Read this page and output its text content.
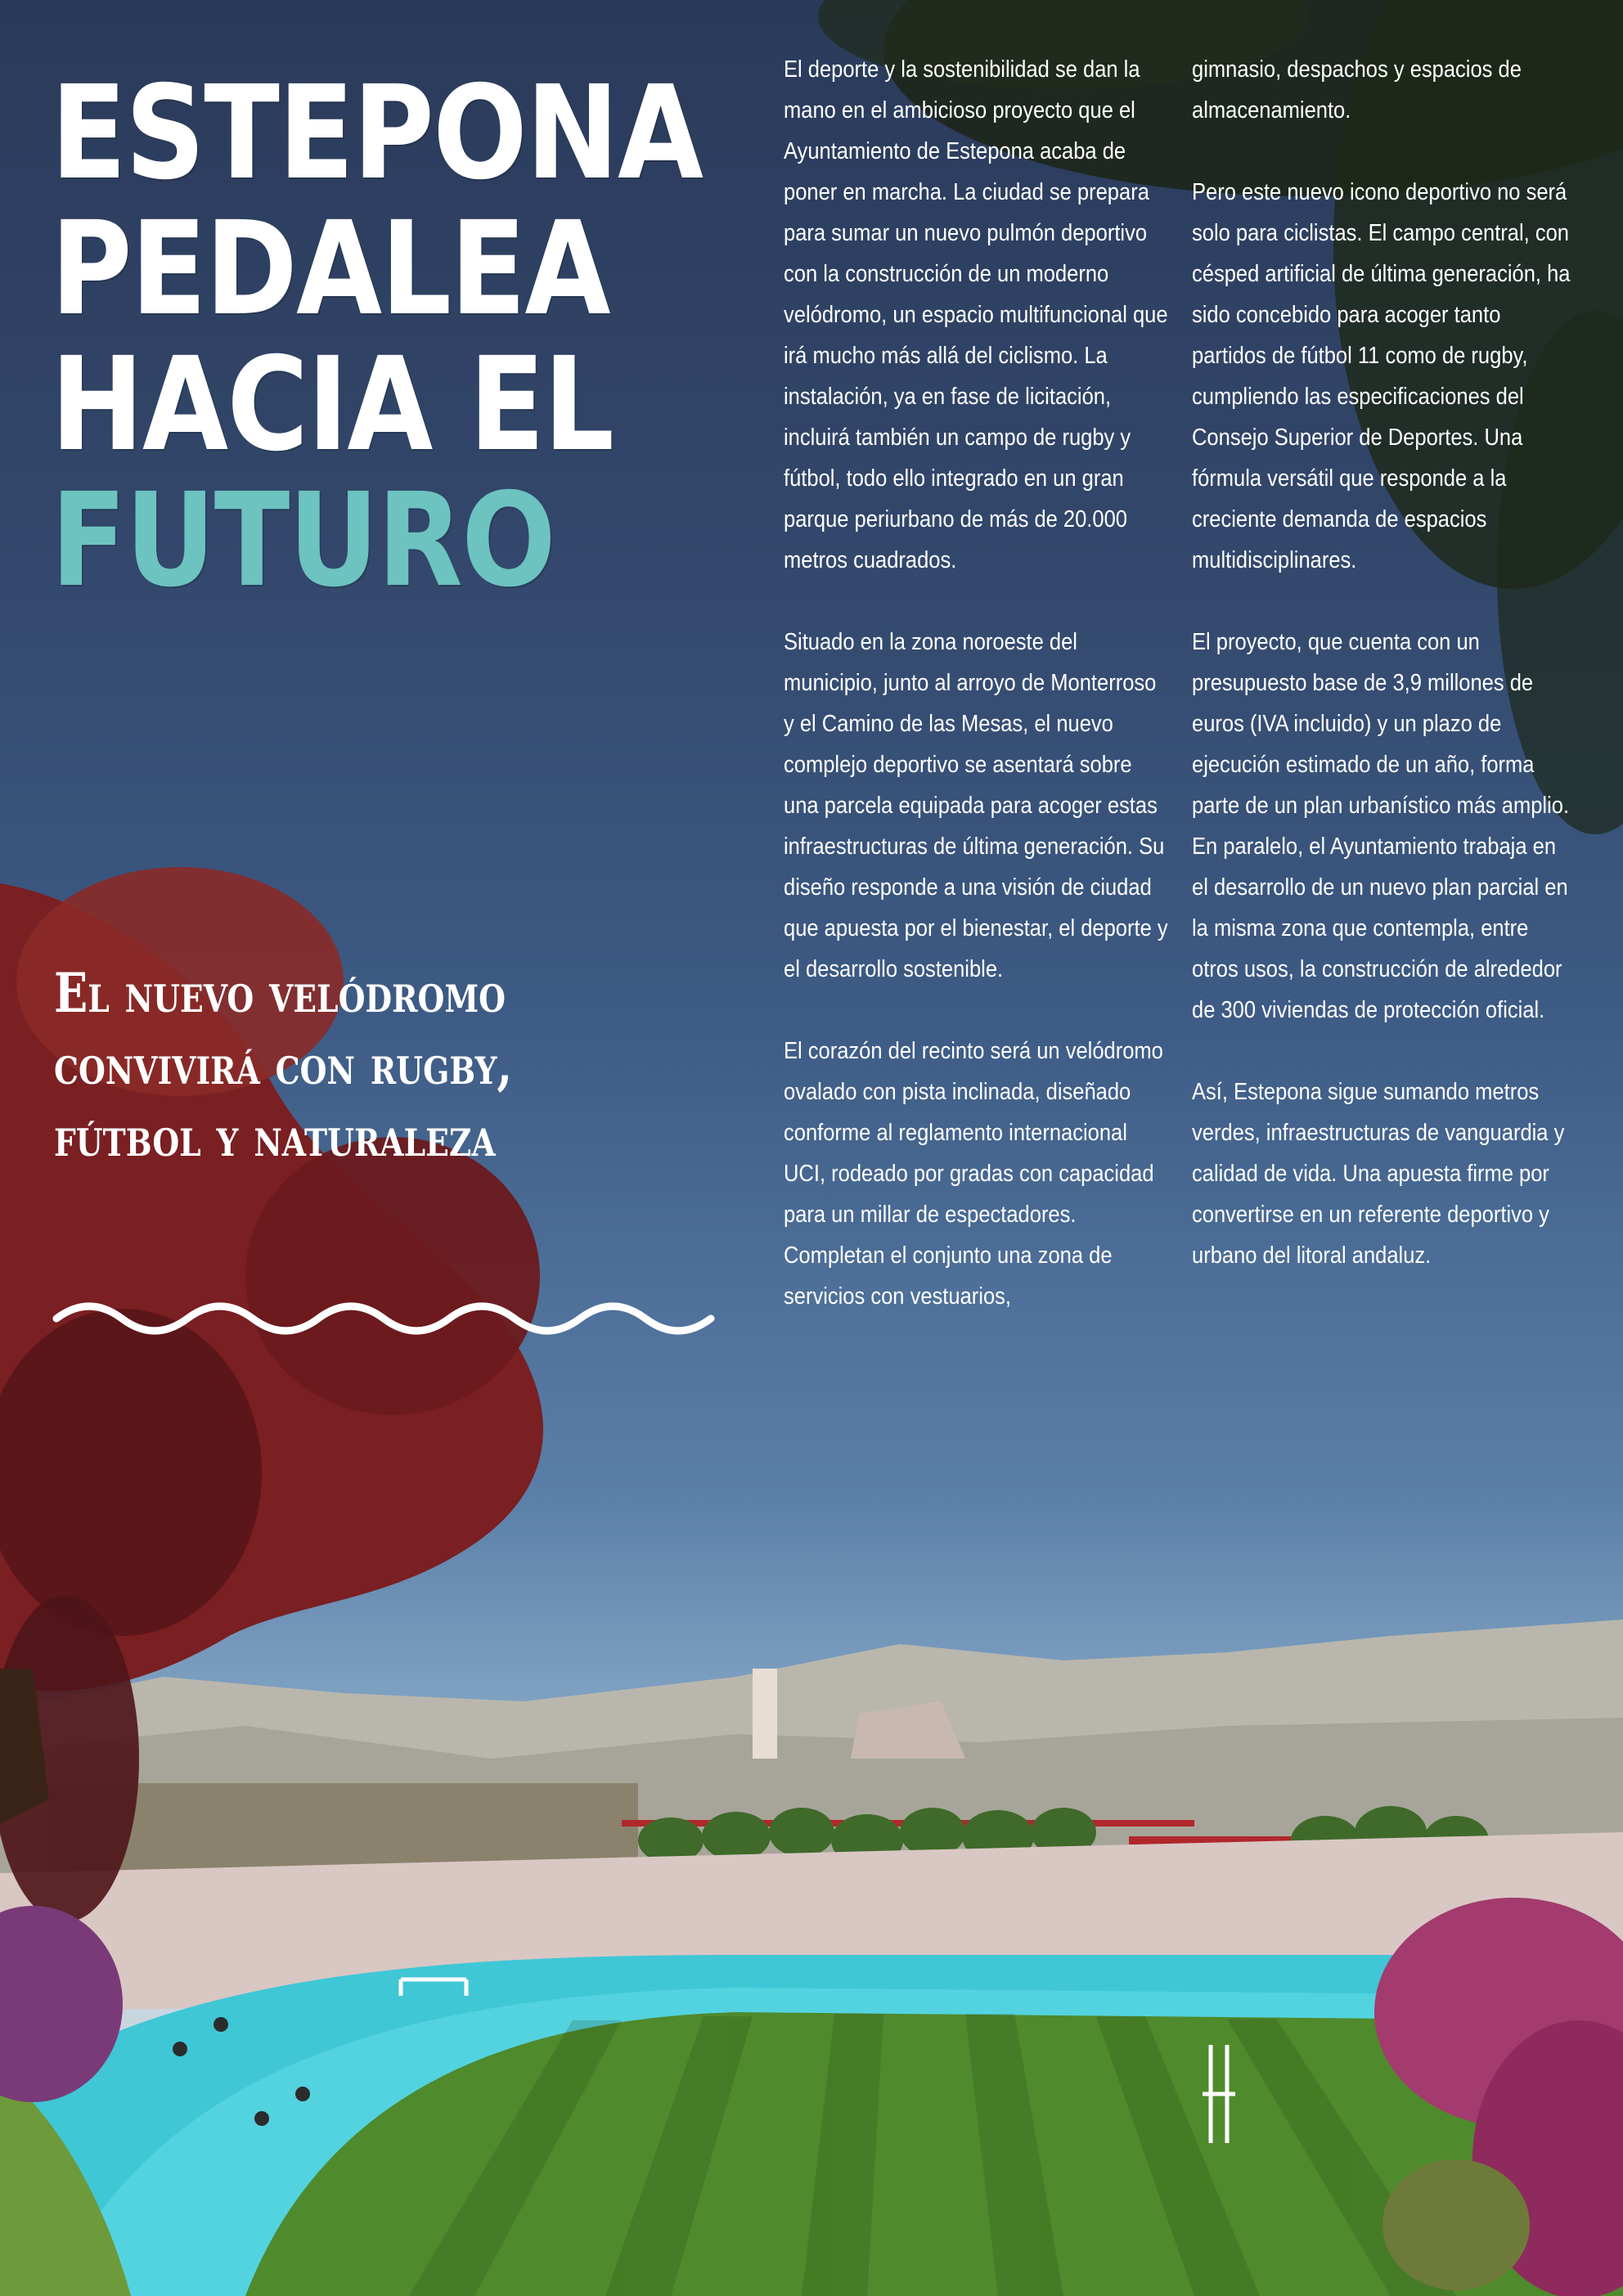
ESTEPONA
PEDALEA
HACIA EL
FUTURO
El nuevo velódromo
convivirá con rugby,
fútbol y naturaleza

El deporte y la sostenibilidad se dan la mano en el ambicioso proyecto que el Ayuntamiento de Estepona acaba de poner en marcha. La ciudad se prepara para sumar un nuevo pulmón deportivo con la construcción de un moderno velódromo, un espacio multifuncional que irá mucho más allá del ciclismo. La instalación, ya en fase de licitación, incluirá también un campo de rugby y fútbol, todo ello integrado en un gran parque periurbano de más de 20.000 metros cuadrados.

Situado en la zona noroeste del municipio, junto al arroyo de Monterroso y el Camino de las Mesas, el nuevo complejo deportivo se asentará sobre una parcela equipada para acoger estas infraestructuras de última generación. Su diseño responde a una visión de ciudad que apuesta por el bienestar, el deporte y el desarrollo sostenible.

El corazón del recinto será un velódromo ovalado con pista inclinada, diseñado conforme al reglamento internacional UCI, rodeado por gradas con capacidad para un millar de espectadores. Completan el conjunto una zona de servicios con vestuarios,

gimnasio, despachos y espacios de almacenamiento.

Pero este nuevo icono deportivo no será solo para ciclistas. El campo central, con césped artificial de última generación, ha sido concebido para acoger tanto partidos de fútbol 11 como de rugby, cumpliendo las especificaciones del Consejo Superior de Deportes. Una fórmula versátil que responde a la creciente demanda de espacios multidisciplinares.

El proyecto, que cuenta con un presupuesto base de 3,9 millones de euros (IVA incluido) y un plazo de ejecución estimado de un año, forma parte de un plan urbanístico más amplio. En paralelo, el Ayuntamiento trabaja en el desarrollo de un nuevo plan parcial en la misma zona que contempla, entre otros usos, la construcción de alrededor de 300 viviendas de protección oficial.

Así, Estepona sigue sumando metros verdes, infraestructuras de vanguardia y calidad de vida. Una apuesta firme por convertirse en un referente deportivo y urbano del litoral andaluz.
